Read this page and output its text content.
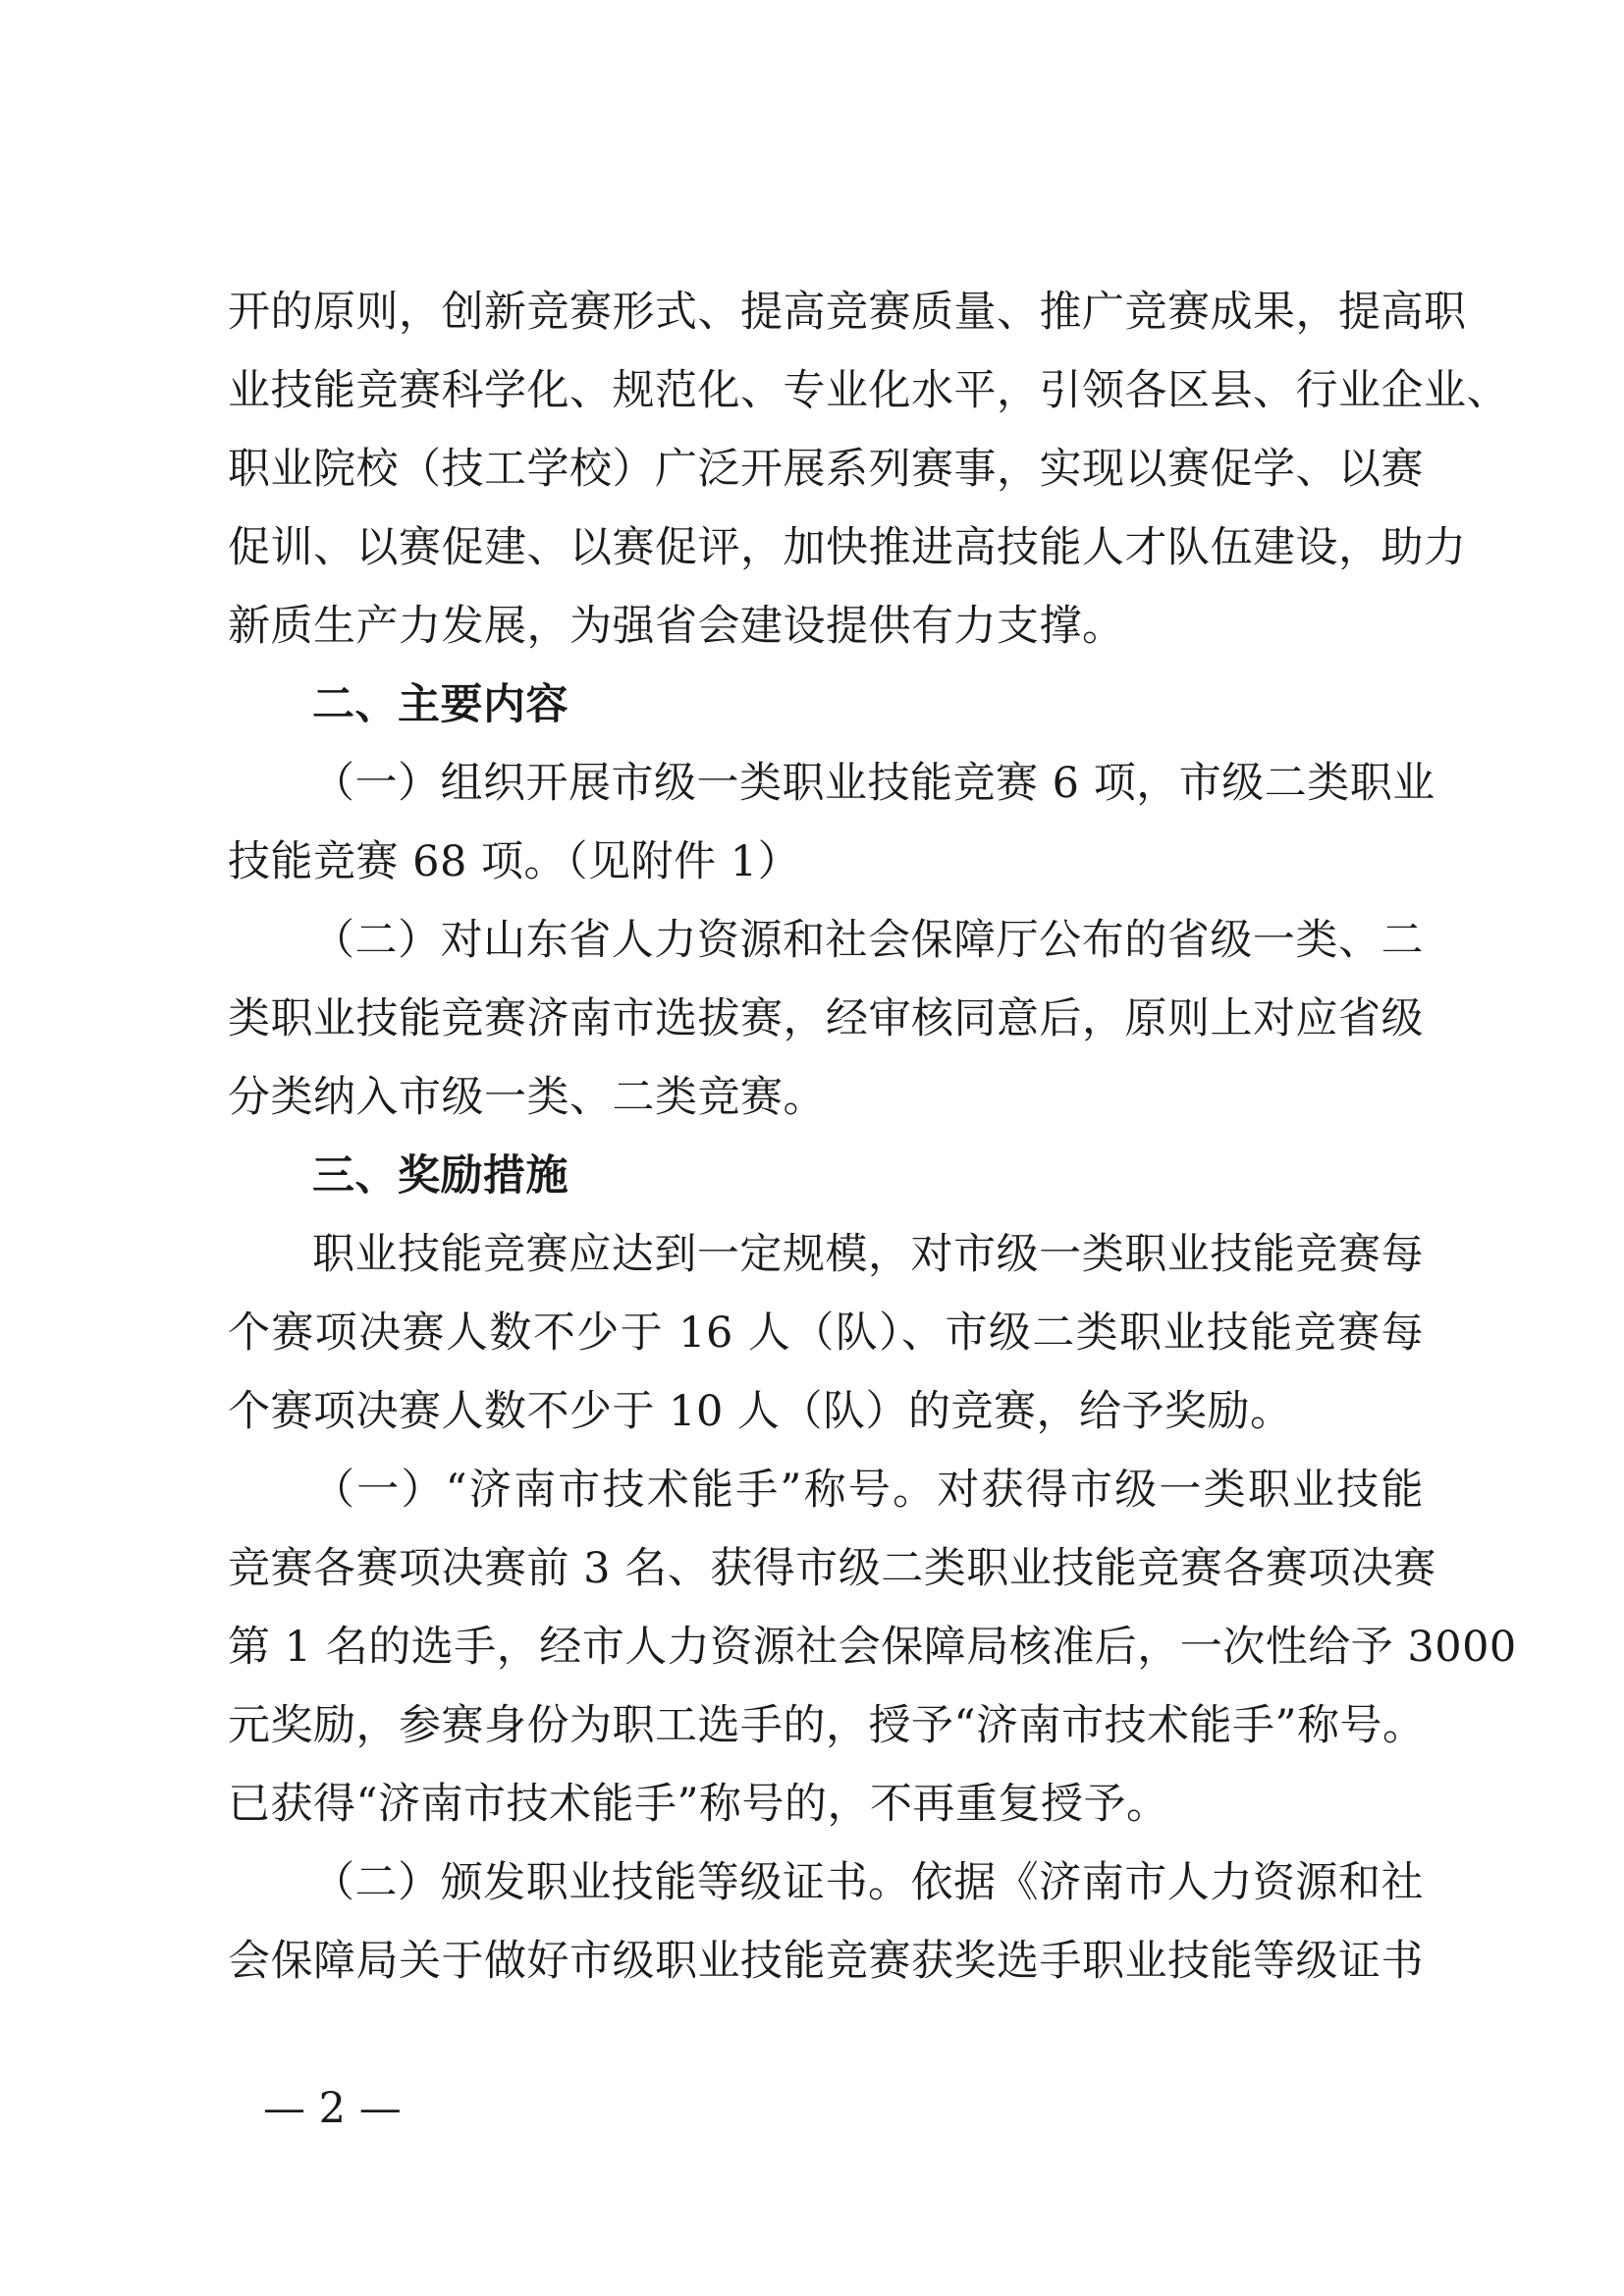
开的原则，创新竞赛形式、提高竞赛质量、推广竞赛成果，提高职
业技能竞赛科学化、规范化、专业化水平，引领各区县、行业企业、
职业院校（技工学校）广泛开展系列赛事，实现以赛促学、以赛
促训、以赛促建、以赛促评，加快推进高技能人才队伍建设，助力
新质生产力发展，为强省会建设提供有力支撑。
二、主要内容
（一）组织开展市级一类职业技能竞赛 6 项，市级二类职业
技能竞赛 68 项。（见附件 1）
（二）对山东省人力资源和社会保障厅公布的省级一类、二
类职业技能竞赛济南市选拔赛，经审核同意后，原则上对应省级
分类纳入市级一类、二类竞赛。
三、奖励措施
职业技能竞赛应达到一定规模，对市级一类职业技能竞赛每
个赛项决赛人数不少于 16 人（队）、市级二类职业技能竞赛每
个赛项决赛人数不少于 10 人（队）的竞赛，给予奖励。
（一）“济南市技术能手”称号。对获得市级一类职业技能
竞赛各赛项决赛前 3 名、获得市级二类职业技能竞赛各赛项决赛
第 1 名的选手，经市人力资源社会保障局核准后，一次性给予 3000
元奖励，参赛身份为职工选手的，授予“济南市技术能手”称号。
已获得“济南市技术能手”称号的，不再重复授予。
（二）颁发职业技能等级证书。依据《济南市人力资源和社
会保障局关于做好市级职业技能竞赛获奖选手职业技能等级证书
— 2 —
